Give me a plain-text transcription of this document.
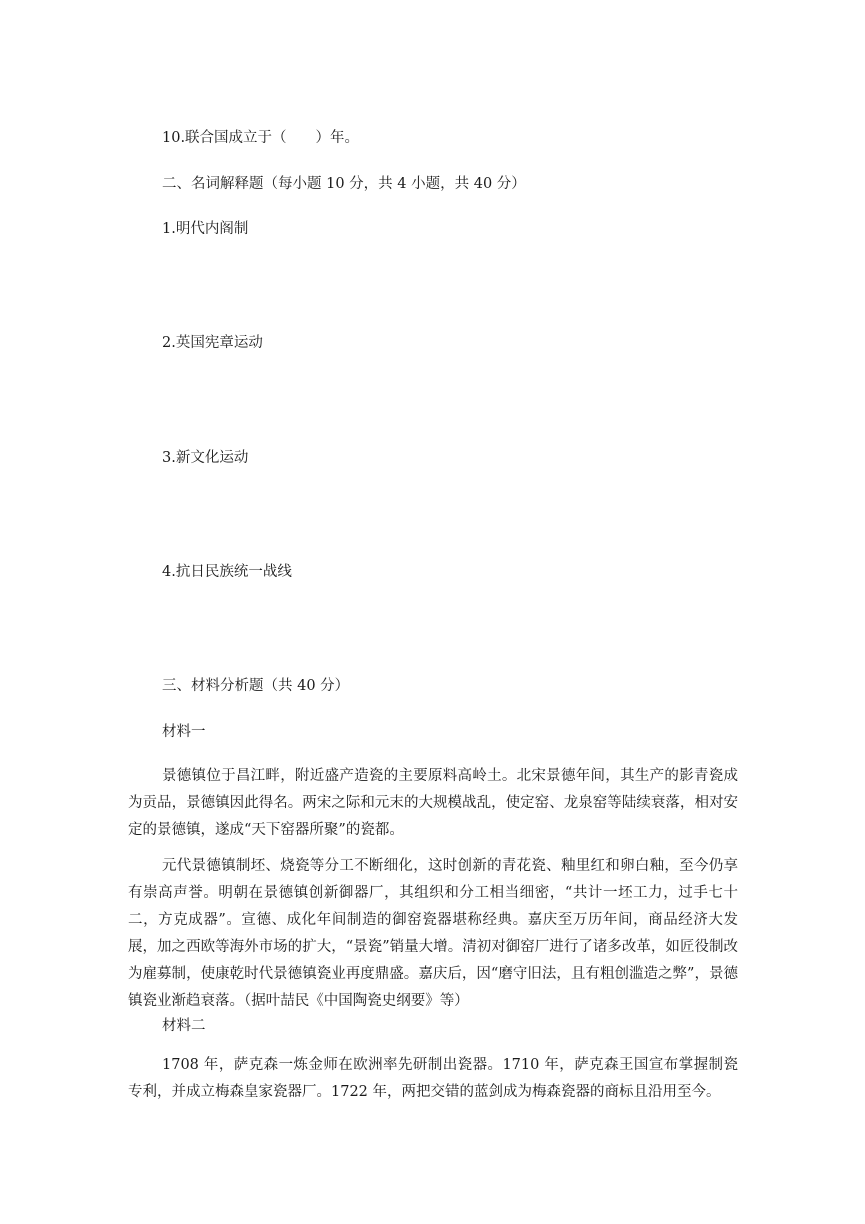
10.联合国成立于（　　）年。
二、名词解释题（每小题 10 分，共 4 小题，共 40 分）
1.明代内阁制
2.英国宪章运动
3.新文化运动
4.抗日民族统一战线
三、材料分析题（共 40 分）
材料一
景德镇位于昌江畔，附近盛产造瓷的主要原料高岭土。北宋景德年间，其生产的影青瓷成为贡品，景德镇因此得名。两宋之际和元末的大规模战乱，使定窑、龙泉窑等陆续衰落，相对安定的景德镇，遂成“天下窑器所聚”的瓷都。
元代景德镇制坯、烧瓷等分工不断细化，这时创新的青花瓷、釉里红和卵白釉，至今仍享有崇高声誉。明朝在景德镇创新御器厂，其组织和分工相当细密，“共计一坯工力，过手七十二，方克成器”。宣德、成化年间制造的御窑瓷器堪称经典。嘉庆至万历年间，商品经济大发展，加之西欧等海外市场的扩大，“景瓷”销量大增。清初对御窑厂进行了诸多改革，如匠役制改为雇募制，使康乾时代景德镇瓷业再度鼎盛。嘉庆后，因“磨守旧法，且有粗创滥造之弊”，景德镇瓷业渐趋衰落。（据叶喆民《中国陶瓷史纲要》等）
材料二
1708 年，萨克森一炼金师在欧洲率先研制出瓷器。1710 年，萨克森王国宣布掌握制瓷专利，并成立梅森皇家瓷器厂。1722 年，两把交错的蓝剑成为梅森瓷器的商标且沿用至今。
